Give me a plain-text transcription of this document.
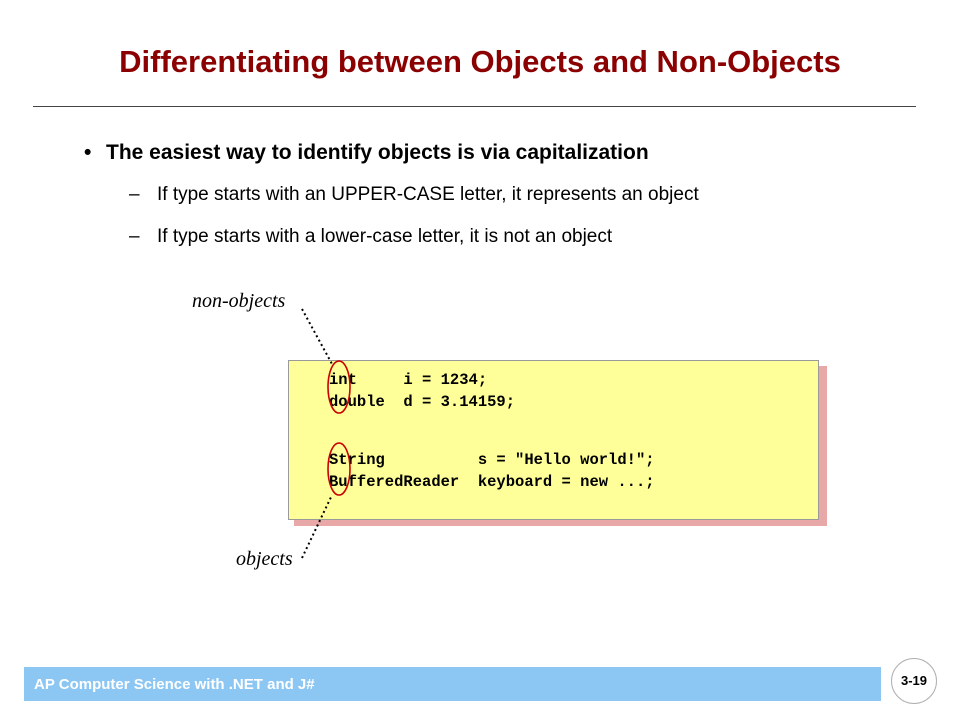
Differentiating between Objects and Non-Objects
• The easiest way to identify objects is via capitalization
– If type starts with an UPPER-CASE letter, it represents an object
– If type starts with a lower-case letter, it is not an object
non-objects
objects
int     i = 1234;
double  d = 3.14159;
String          s = "Hello world!";
BufferedReader  keyboard = new ...;
AP Computer Science with .NET and J#	3-19
